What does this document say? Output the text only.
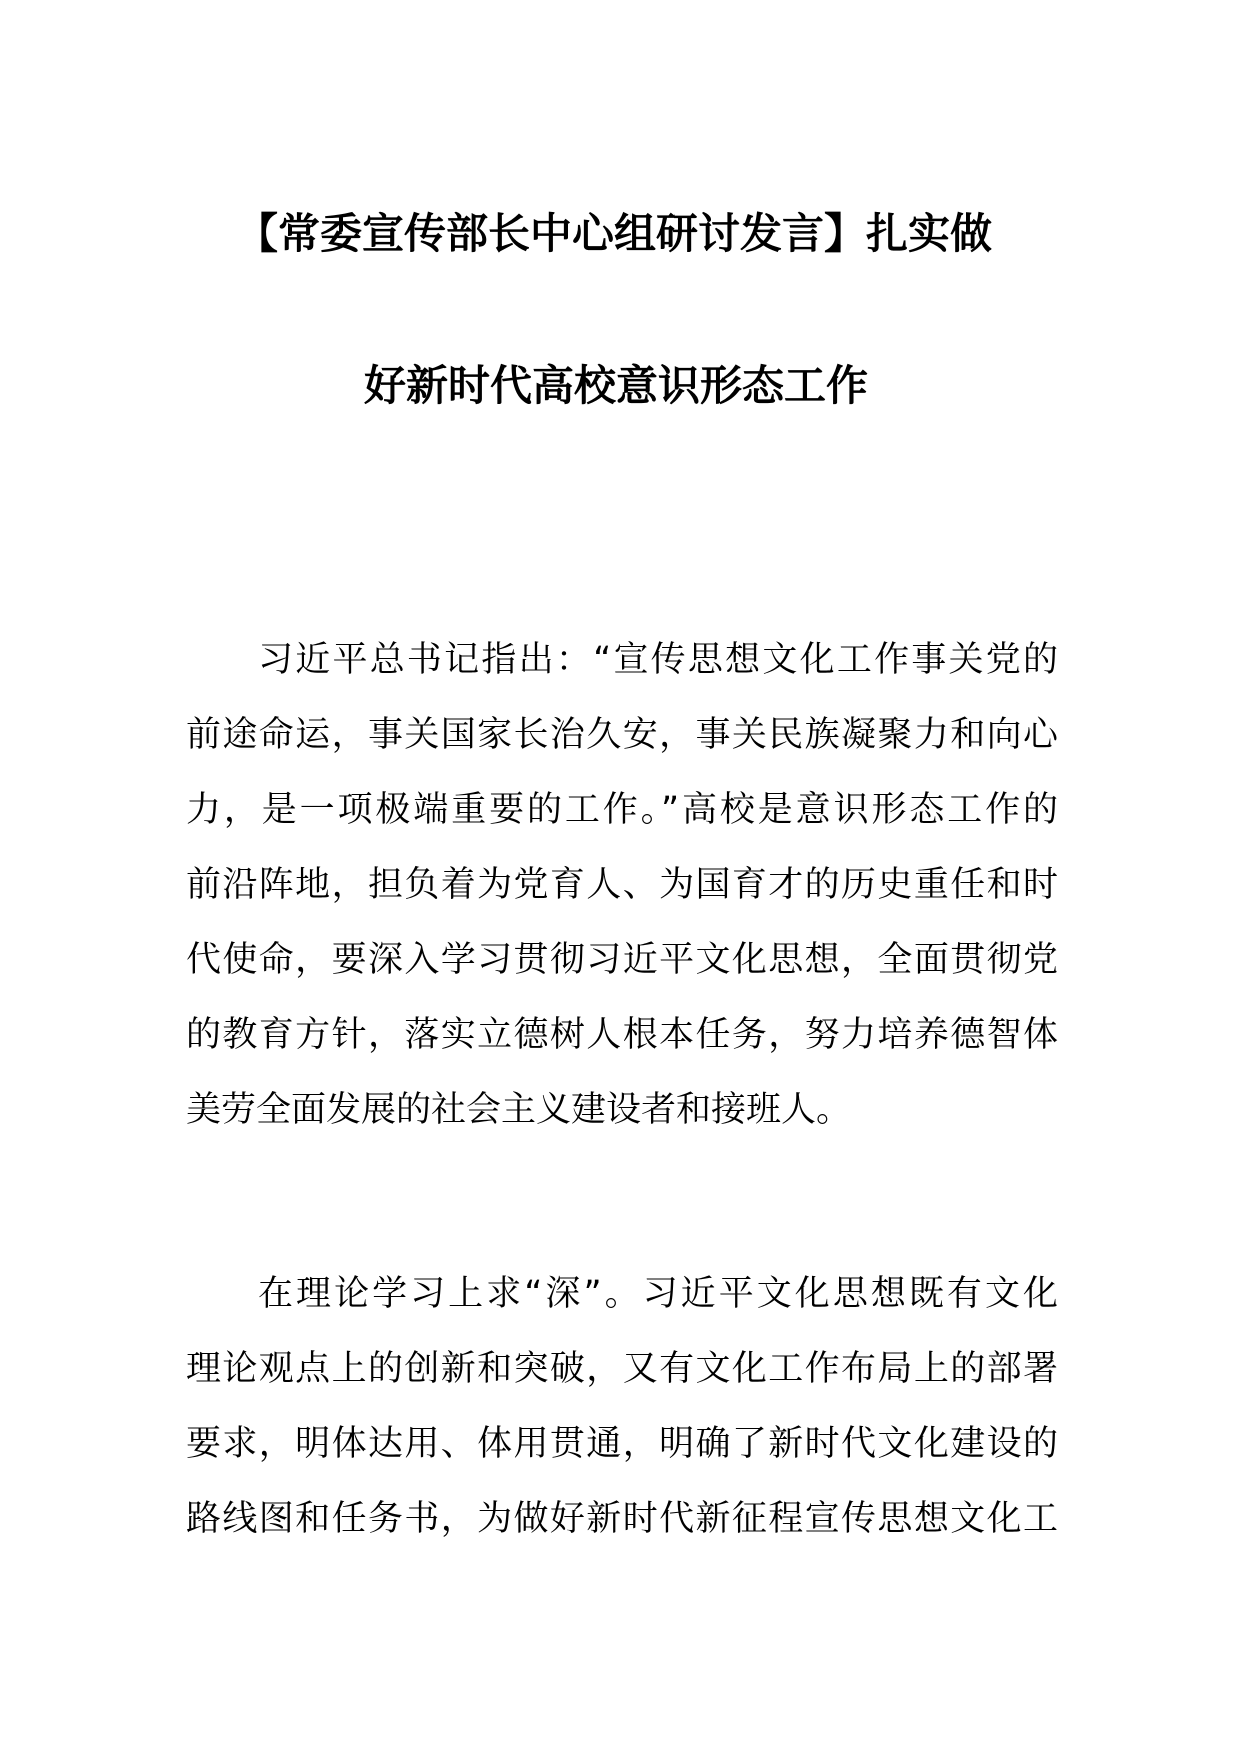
【常委宣传部长中心组研讨发言】扎实做
好新时代高校意识形态工作
习近平总书记指出：“宣传思想文化工作事关党的
前途命运，事关国家长治久安，事关民族凝聚力和向心
力，是一项极端重要的工作。”高校是意识形态工作的
前沿阵地，担负着为党育人、为国育才的历史重任和时
代使命，要深入学习贯彻习近平文化思想，全面贯彻党
的教育方针，落实立德树人根本任务，努力培养德智体
美劳全面发展的社会主义建设者和接班人。
在理论学习上求“深”。习近平文化思想既有文化
理论观点上的创新和突破，又有文化工作布局上的部署
要求，明体达用、体用贯通，明确了新时代文化建设的
路线图和任务书，为做好新时代新征程宣传思想文化工
